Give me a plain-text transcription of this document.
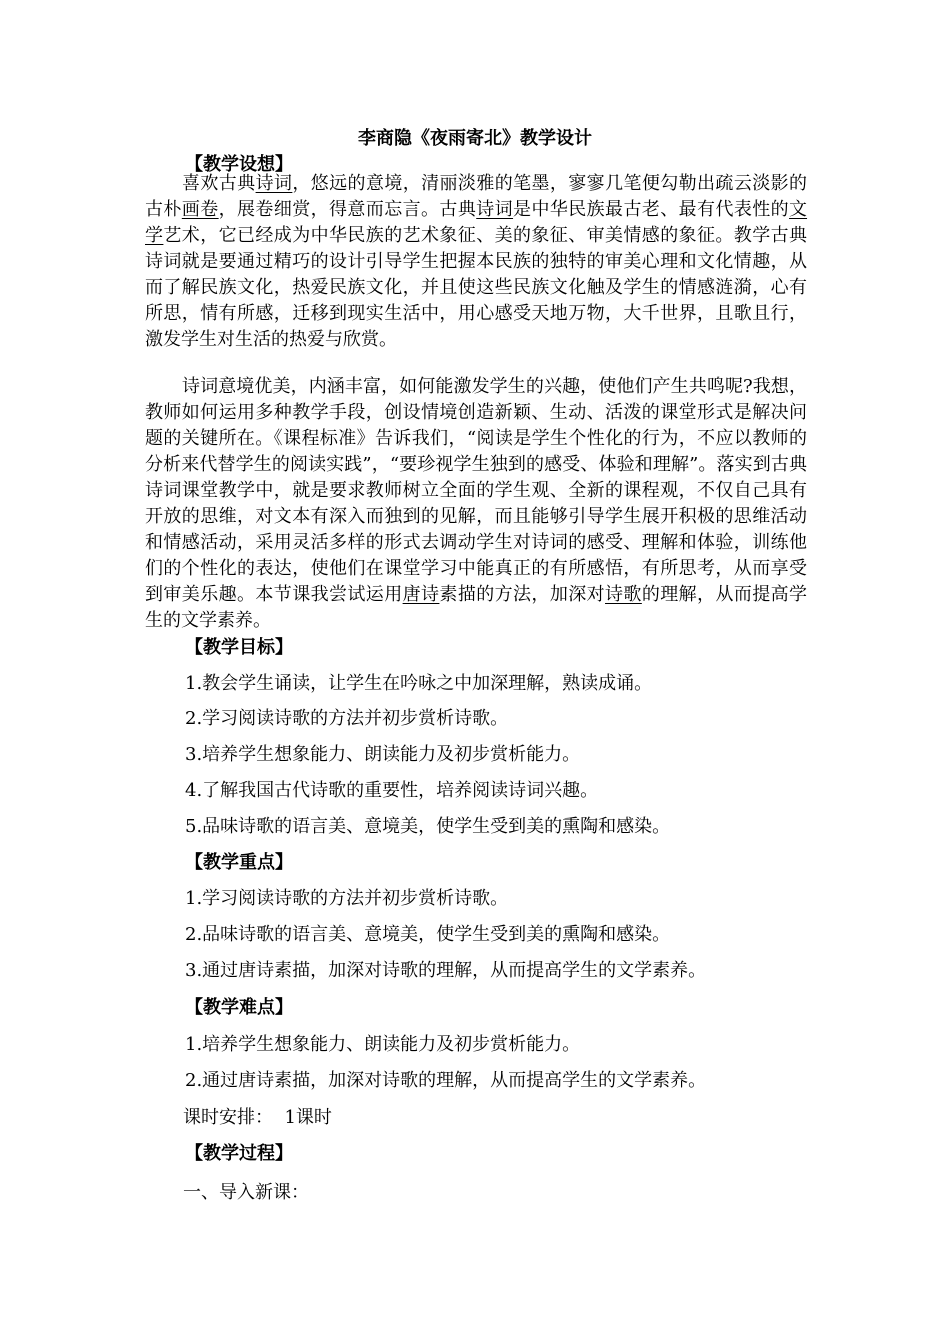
李商隐《夜雨寄北》教学设计
【教学设想】

喜欢古典诗词，悠远的意境，清丽淡雅的笔墨，寥寥几笔便勾勒出疏云淡影的古朴画卷，展卷细赏，得意而忘言。古典诗词是中华民族最古老、最有代表性的文学艺术，它已经成为中华民族的艺术象征、美的象征、审美情感的象征。教学古典诗词就是要通过精巧的设计引导学生把握本民族的独特的审美心理和文化情趣，从而了解民族文化，热爱民族文化，并且使这些民族文化触及学生的情感涟漪，心有所思，情有所感，迁移到现实生活中，用心感受天地万物，大千世界，且歌且行，激发学生对生活的热爱与欣赏。

诗词意境优美，内涵丰富，如何能激发学生的兴趣，使他们产生共鸣呢?我想，教师如何运用多种教学手段，创设情境创造新颖、生动、活泼的课堂形式是解决问题的关键所在。《课程标准》告诉我们，“阅读是学生个性化的行为，不应以教师的分析来代替学生的阅读实践”，“要珍视学生独到的感受、体验和理解”。落实到古典诗词课堂教学中，就是要求教师树立全面的学生观、全新的课程观，不仅自己具有开放的思维，对文本有深入而独到的见解，而且能够引导学生展开积极的思维活动和情感活动，采用灵活多样的形式去调动学生对诗词的感受、理解和体验，训练他们的个性化的表达，使他们在课堂学习中能真正的有所感悟，有所思考，从而享受到审美乐趣。本节课我尝试运用唐诗素描的方法，加深对诗歌的理解，从而提高学生的文学素养。

【教学目标】
1.教会学生诵读，让学生在吟咏之中加深理解，熟读成诵。
2.学习阅读诗歌的方法并初步赏析诗歌。
3.培养学生想象能力、朗读能力及初步赏析能力。
4.了解我国古代诗歌的重要性，培养阅读诗词兴趣。
5.品味诗歌的语言美、意境美，使学生受到美的熏陶和感染。
【教学重点】
1.学习阅读诗歌的方法并初步赏析诗歌。
2.品味诗歌的语言美、意境美，使学生受到美的熏陶和感染。
3.通过唐诗素描，加深对诗歌的理解，从而提高学生的文学素养。
【教学难点】
1.培养学生想象能力、朗读能力及初步赏析能力。
2.通过唐诗素描，加深对诗歌的理解，从而提高学生的文学素养。
课时安排：  1课时
【教学过程】
一、导入新课：
